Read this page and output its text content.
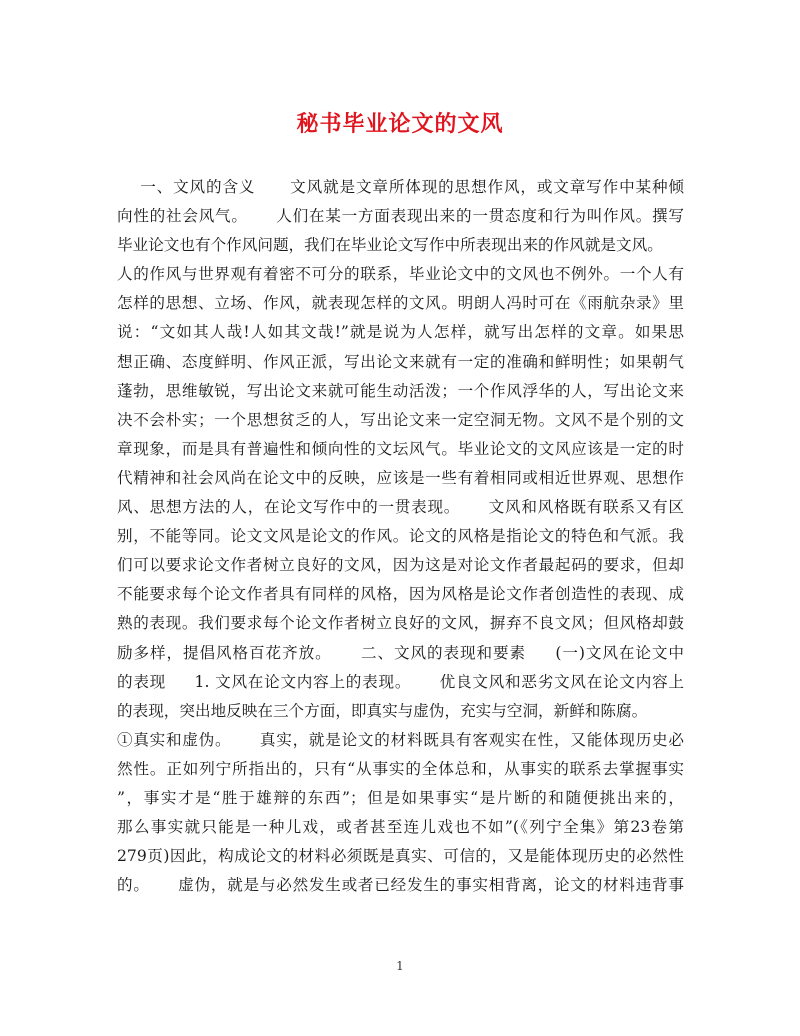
秘书毕业论文的文风
一、文风的含义      文风就是文章所体现的思想作风，或文章写作中某种倾
向性的社会风气。     人们在某一方面表现出来的一贯态度和行为叫作风。撰写
毕业论文也有个作风问题，我们在毕业论文写作中所表现出来的作风就是文风。
人的作风与世界观有着密不可分的联系，毕业论文中的文风也不例外。一个人有
怎样的思想、立场、作风，就表现怎样的文风。明朗人冯时可在《雨航杂录》里
说：“文如其人哉!人如其文哉!”就是说为人怎样，就写出怎样的文章。如果思
想正确、态度鲜明、作风正派，写出论文来就有一定的准确和鲜明性；如果朝气
蓬勃，思维敏锐，写出论文来就可能生动活泼；一个作风浮华的人，写出论文来
决不会朴实；一个思想贫乏的人，写出论文来一定空洞无物。文风不是个别的文
章现象，而是具有普遍性和倾向性的文坛风气。毕业论文的文风应该是一定的时
代精神和社会风尚在论文中的反映，应该是一些有着相同或相近世界观、思想作
风、思想方法的人，在论文写作中的一贯表现。     文风和风格既有联系又有区
别，不能等同。论文文风是论文的作风。论文的风格是指论文的特色和气派。我
们可以要求论文作者树立良好的文风，因为这是对论文作者最起码的要求，但却
不能要求每个论文作者具有同样的风格，因为风格是论文作者创造性的表现、成
熟的表现。我们要求每个论文作者树立良好的文风，摒弃不良文风；但风格却鼓
励多样，提倡风格百花齐放。     二、文风的表现和要素     (一)文风在论文中
的表现     1. 文风在论文内容上的表现。     优良文风和恶劣文风在论文内容上
的表现，突出地反映在三个方面，即真实与虚伪，充实与空洞，新鲜和陈腐。
①真实和虚伪。     真实，就是论文的材料既具有客观实在性，又能体现历史必
然性。正如列宁所指出的，只有“从事实的全体总和，从事实的联系去掌握事实
”，事实才是“胜于雄辩的东西”；但是如果事实“是片断的和随便挑出来的，
那么事实就只能是一种儿戏，或者甚至连儿戏也不如”(《列宁全集》第23卷第
279页)因此，构成论文的材料必须既是真实、可信的，又是能体现历史的必然性
的。     虚伪，就是与必然发生或者已经发生的事实相背离，论文的材料违背事
1
